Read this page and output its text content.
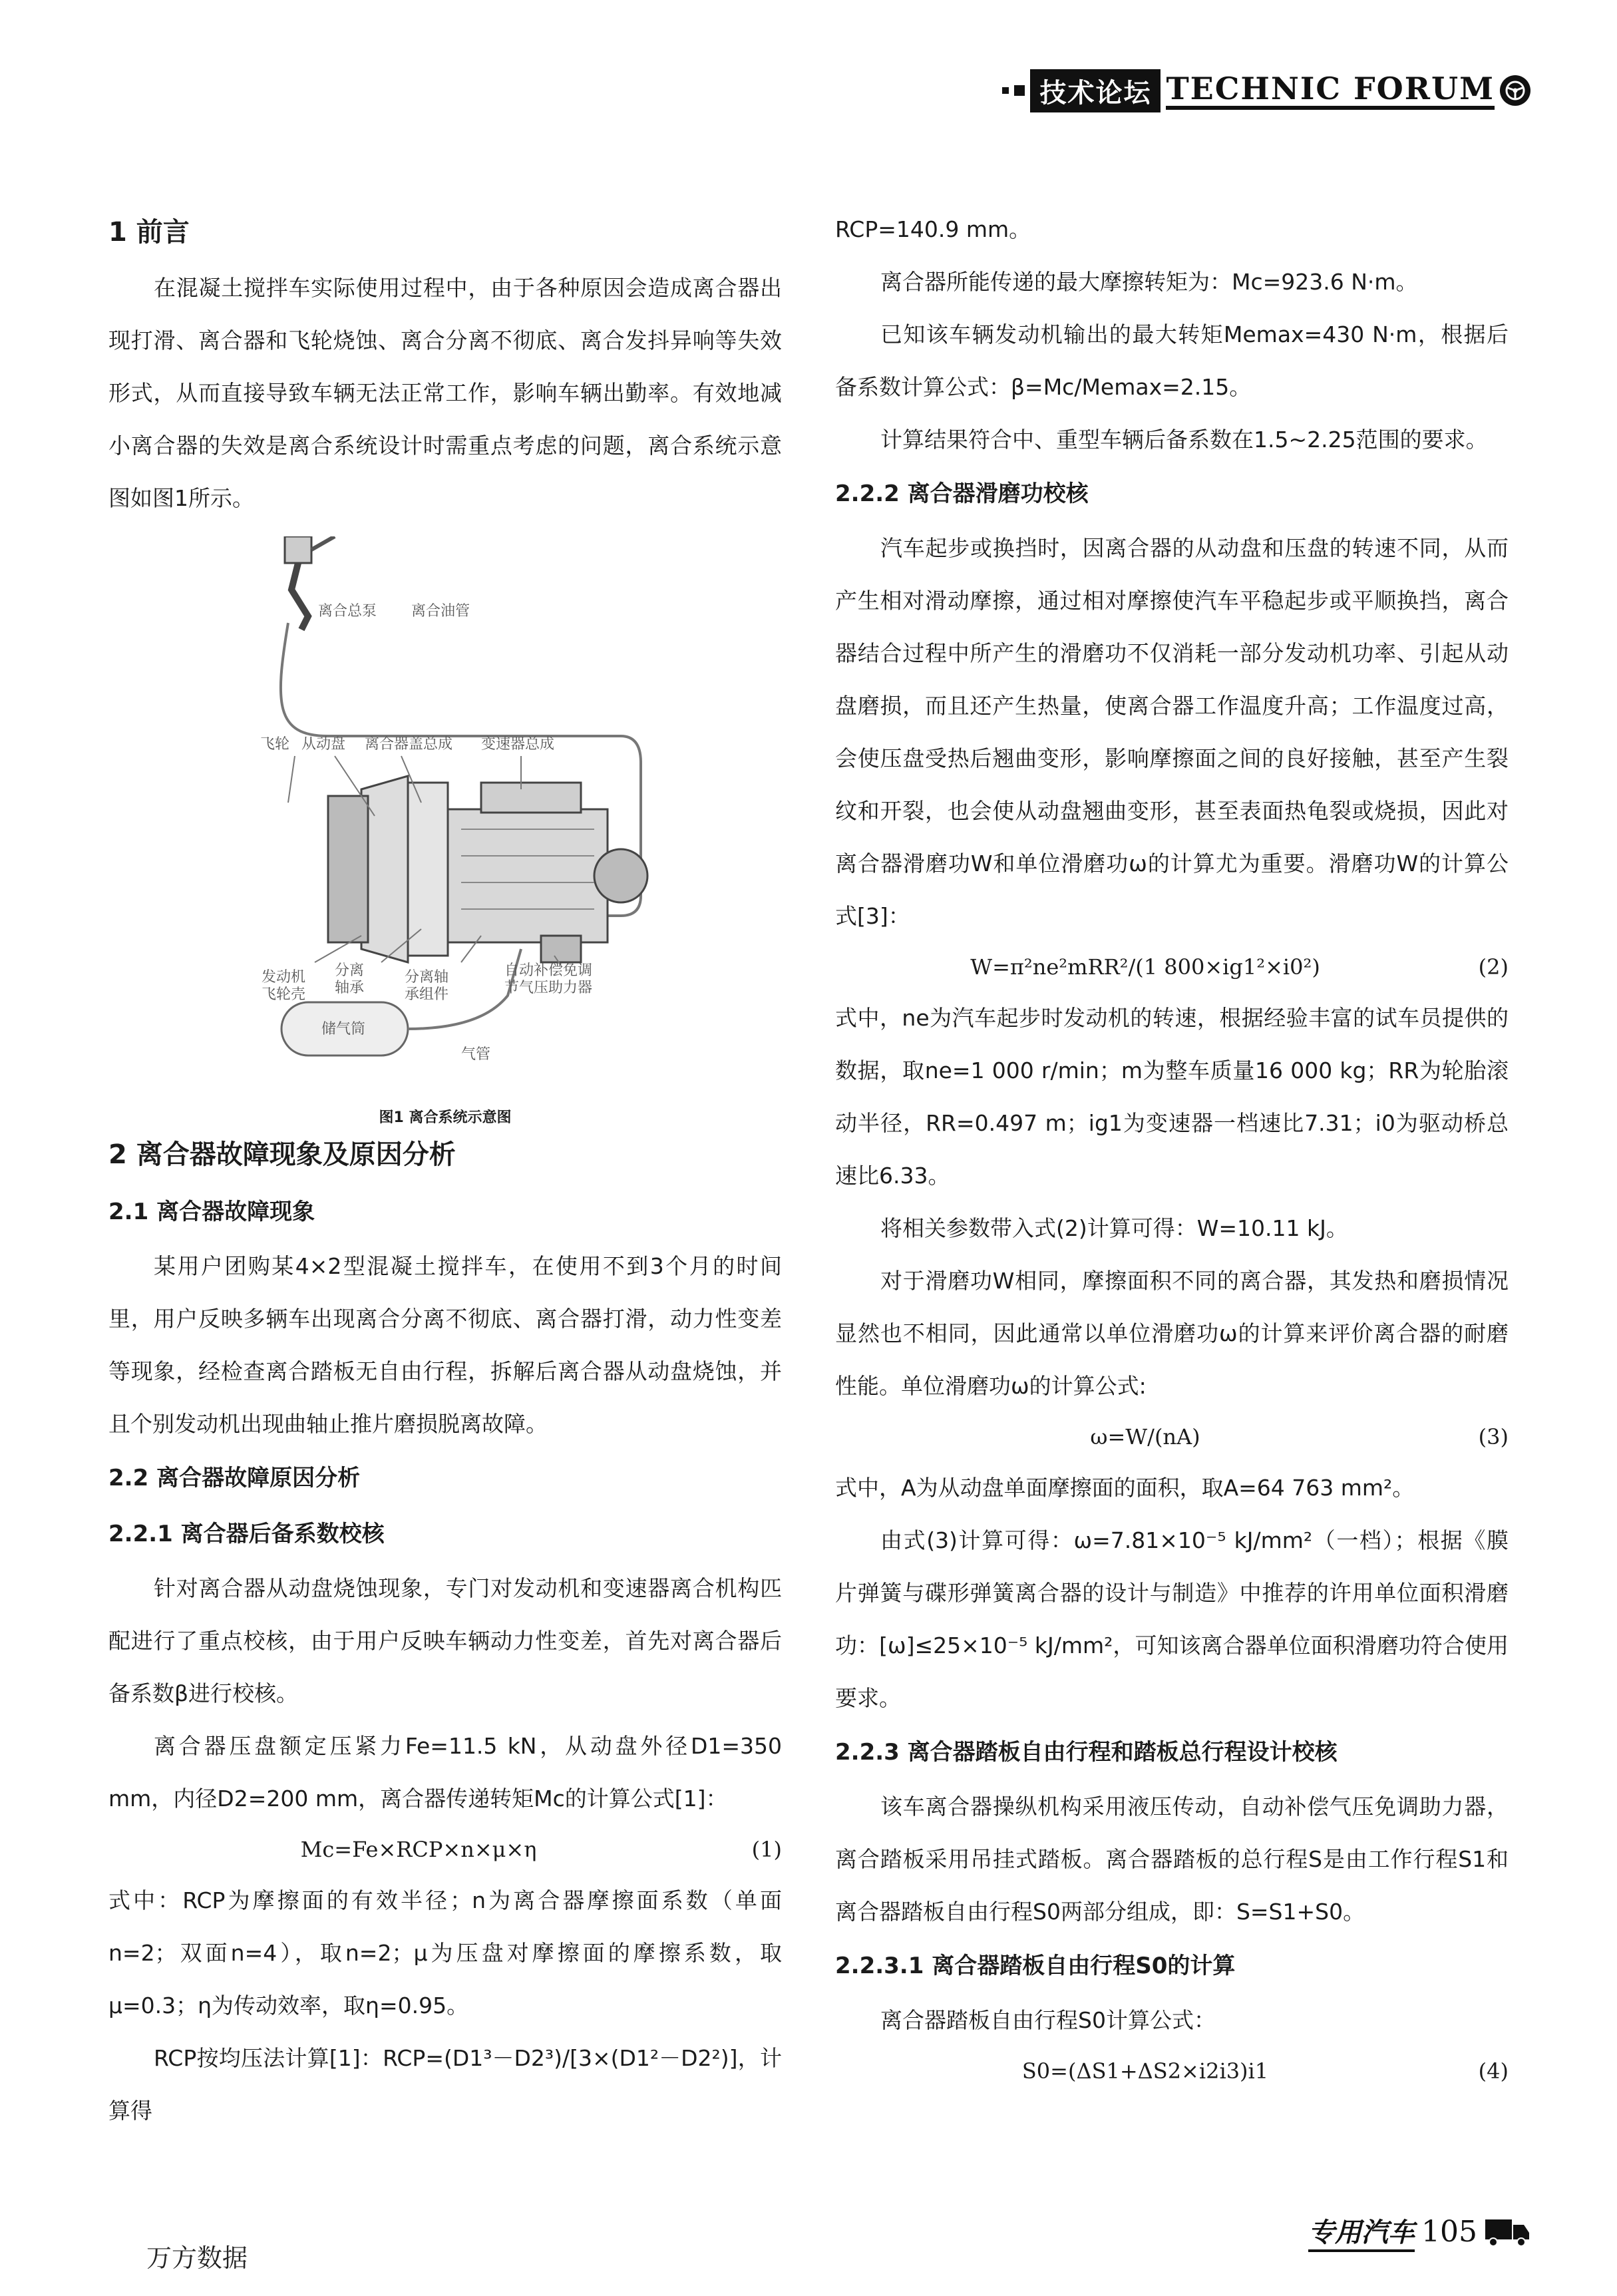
技术论坛 TECHNIC FORUM
1 前言

在混凝土搅拌车实际使用过程中，由于各种原因会造成离合器出现打滑、离合器和飞轮烧蚀、离合分离不彻底、离合发抖异响等失效形式，从而直接导致车辆无法正常工作，影响车辆出勤率。有效地减小离合器的失效是离合系统设计时需重点考虑的问题，离合系统示意图如图1所示。

离合总泵 离合油管
飞轮 从动盘 离合器盖总成 变速器总成
发动机
飞轮壳
分离
轴承
分离轴
承组件
自动补偿免调
节气压助力器
储气筒
气管
图1 离合系统示意图
2 离合器故障现象及原因分析
2.1 离合器故障现象

某用户团购某4×2型混凝土搅拌车，在使用不到3个月的时间里，用户反映多辆车出现离合分离不彻底、离合器打滑，动力性变差等现象，经检查离合踏板无自由行程，拆解后离合器从动盘烧蚀，并且个别发动机出现曲轴止推片磨损脱离故障。

2.2 离合器故障原因分析
2.2.1 离合器后备系数校核

针对离合器从动盘烧蚀现象，专门对发动机和变速器离合机构匹配进行了重点校核，由于用户反映车辆动力性变差，首先对离合器后备系数β进行校核。

离合器压盘额定压紧力Fe=11.5 kN，从动盘外径D1=350 mm，内径D2=200 mm，离合器传递转矩Mc的计算公式[1]：

Mc=Fe×RCP×n×μ×η	(1)

式中：RCP为摩擦面的有效半径；n为离合器摩擦面系数（单面n=2；双面n=4），取n=2；μ为压盘对摩擦面的摩擦系数，取μ=0.3；η为传动效率，取η=0.95。

RCP按均压法计算[1]：RCP=(D1³－D2³)/[3×(D1²－D2²)]，计算得

RCP=140.9 mm。

离合器所能传递的最大摩擦转矩为：Mc=923.6 N·m。

已知该车辆发动机输出的最大转矩Memax=430 N·m，根据后备系数计算公式：β=Mc/Memax=2.15。

计算结果符合中、重型车辆后备系数在1.5~2.25范围的要求。

2.2.2 离合器滑磨功校核

汽车起步或换挡时，因离合器的从动盘和压盘的转速不同，从而产生相对滑动摩擦，通过相对摩擦使汽车平稳起步或平顺换挡，离合器结合过程中所产生的滑磨功不仅消耗一部分发动机功率、引起从动盘磨损，而且还产生热量，使离合器工作温度升高；工作温度过高，会使压盘受热后翘曲变形，影响摩擦面之间的良好接触，甚至产生裂纹和开裂，也会使从动盘翘曲变形，甚至表面热龟裂或烧损，因此对离合器滑磨功W和单位滑磨功ω的计算尤为重要。滑磨功W的计算公式[3]：

W=π²ne²mRR²/(1 800×ig1²×i0²)	(2)

式中，ne为汽车起步时发动机的转速，根据经验丰富的试车员提供的数据，取ne=1 000 r/min；m为整车质量16 000 kg；RR为轮胎滚动半径，RR=0.497 m；ig1为变速器一档速比7.31；i0为驱动桥总速比6.33。

将相关参数带入式(2)计算可得：W=10.11 kJ。

对于滑磨功W相同，摩擦面积不同的离合器，其发热和磨损情况显然也不相同，因此通常以单位滑磨功ω的计算来评价离合器的耐磨性能。单位滑磨功ω的计算公式:

ω=W/(nA)	(3)

式中，A为从动盘单面摩擦面的面积，取A=64 763 mm²。

由式(3)计算可得：ω=7.81×10⁻⁵ kJ/mm²（一档）；根据《膜片弹簧与碟形弹簧离合器的设计与制造》中推荐的许用单位面积滑磨功：[ω]≤25×10⁻⁵ kJ/mm²，可知该离合器单位面积滑磨功符合使用要求。

2.2.3 离合器踏板自由行程和踏板总行程设计校核

该车离合器操纵机构采用液压传动，自动补偿气压免调助力器，离合踏板采用吊挂式踏板。离合器踏板的总行程S是由工作行程S1和离合器踏板自由行程S0两部分组成，即：S=S1+S0。

2.2.3.1 离合器踏板自由行程S0的计算

离合器踏板自由行程S0计算公式：

S0=(ΔS1+ΔS2×i2i3)i1	(4)
万方数据
专用汽车 105
